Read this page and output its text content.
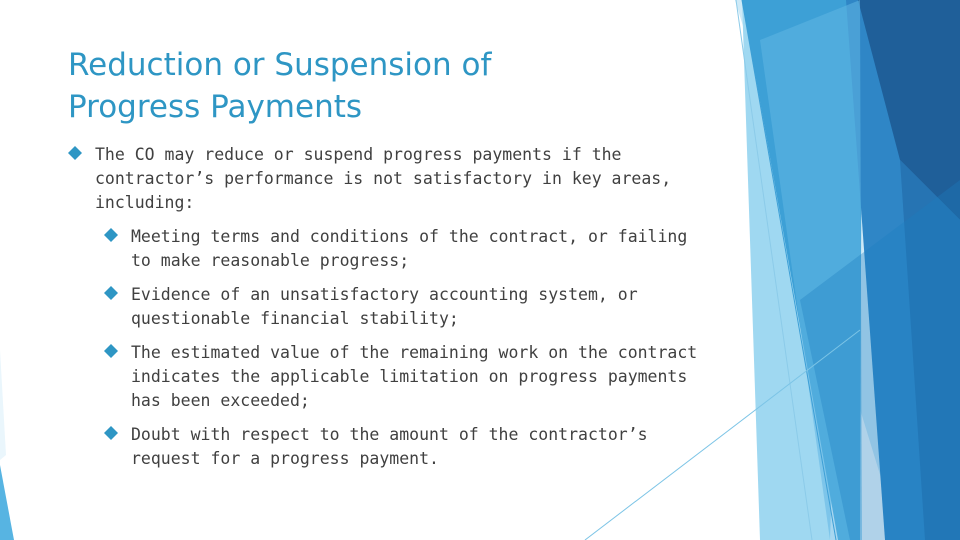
Reduction or Suspension of
Progress Payments
The CO may reduce or suspend progress payments if the contractor’s performance is not satisfactory in key areas, including:
Meeting terms and conditions of the contract, or failing to make reasonable progress;
Evidence of an unsatisfactory accounting system, or questionable financial stability;
The estimated value of the remaining work on the contract indicates the applicable limitation on progress payments has been exceeded;
Doubt with respect to the amount of the contractor’s request for a progress payment.
